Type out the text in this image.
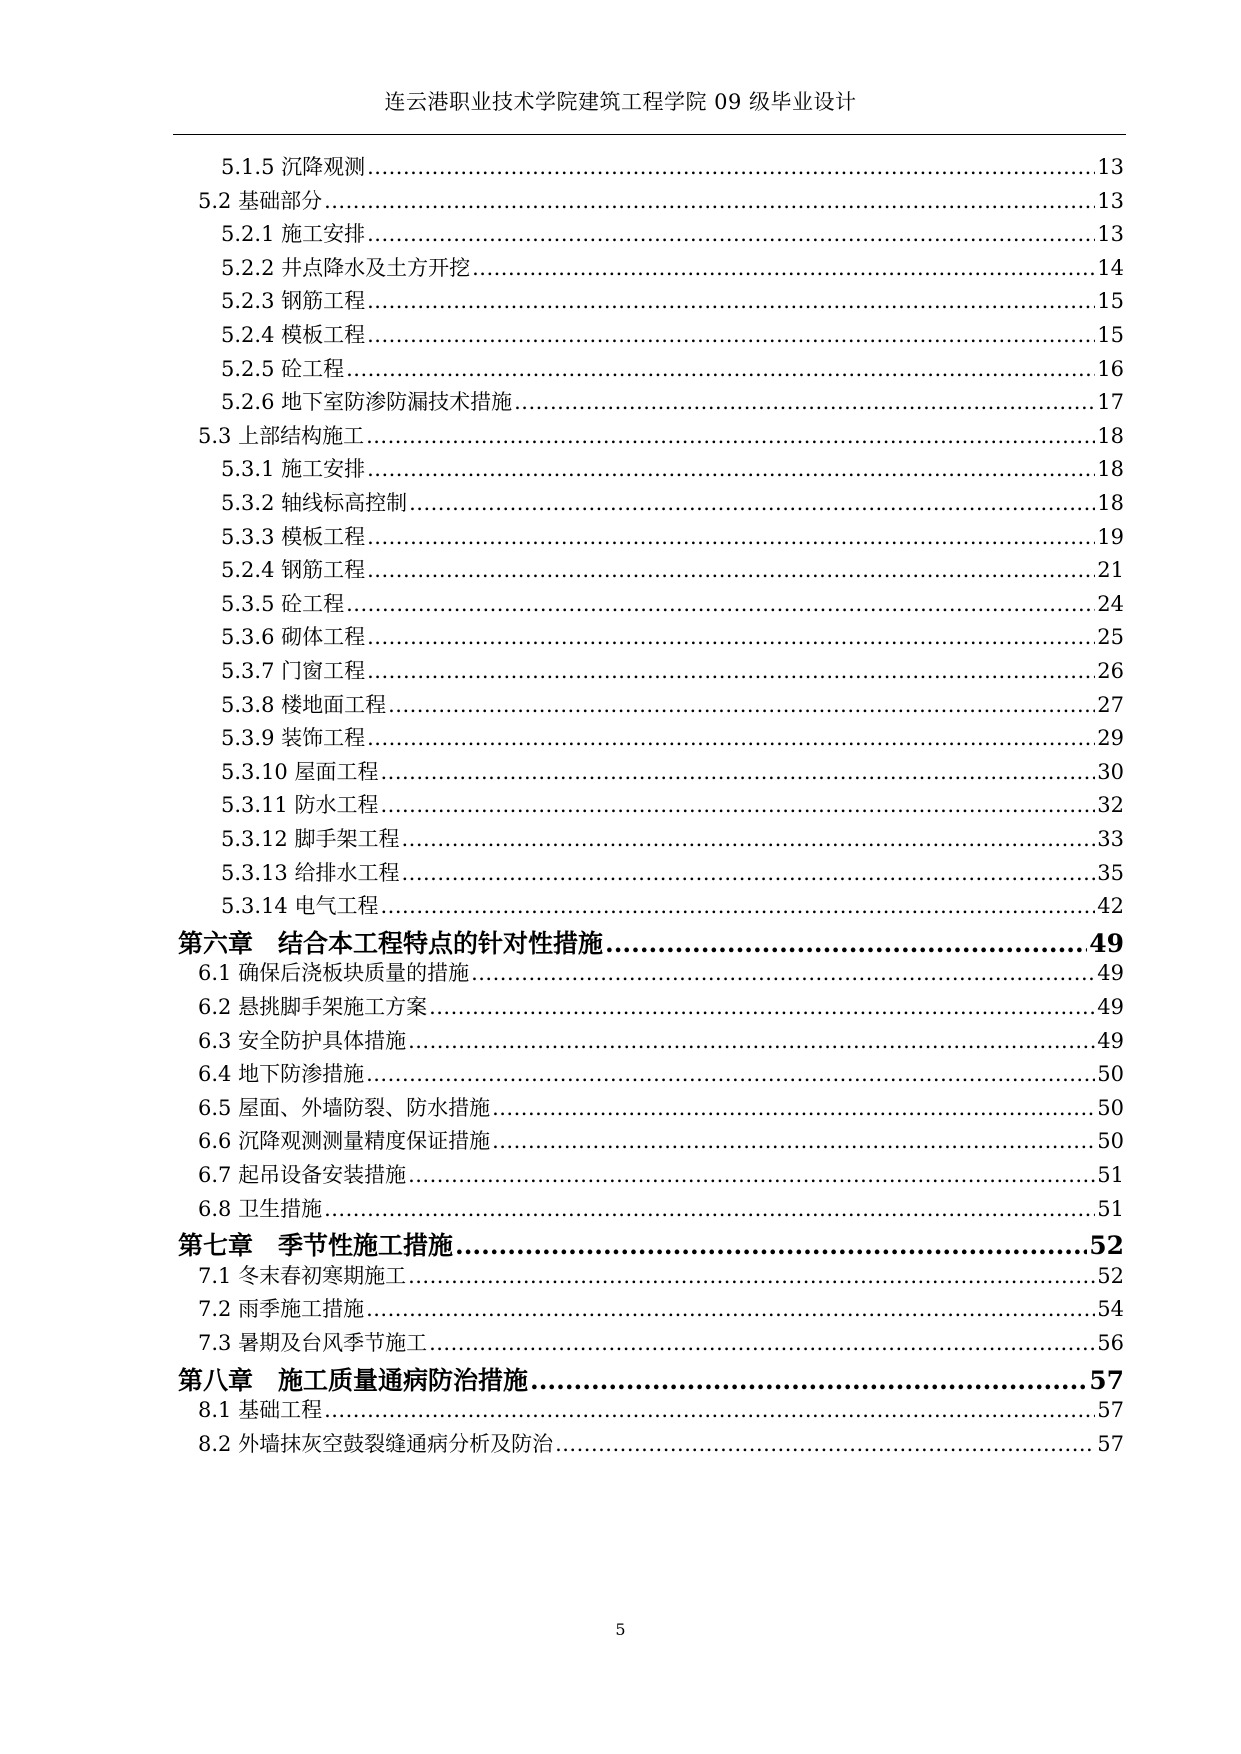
连云港职业技术学院建筑工程学院 09 级毕业设计
5.1.5 沉降观测 .....	13
5.2 基础部分 .....	13
5.2.1 施工安排 .....	13
5.2.2 井点降水及土方开挖 .....	14
5.2.3 钢筋工程 .....	15
5.2.4 模板工程 .....	15
5.2.5 砼工程 .....	16
5.2.6 地下室防渗防漏技术措施 .....	17
5.3 上部结构施工 .....	18
5.3.1 施工安排 .....	18
5.3.2 轴线标高控制 .....	18
5.3.3 模板工程 .....	19
5.2.4 钢筋工程 .....	21
5.3.5 砼工程 .....	24
5.3.6 砌体工程 .....	25
5.3.7 门窗工程 .....	26
5.3.8 楼地面工程 .....	27
5.3.9 装饰工程 .....	29
5.3.10 屋面工程 .....	30
5.3.11 防水工程 .....	32
5.3.12 脚手架工程 .....	33
5.3.13 给排水工程 .....	35
5.3.14 电气工程 .....	42
第六章　结合本工程特点的针对性措施 .....	49
6.1 确保后浇板块质量的措施 .....	49
6.2 悬挑脚手架施工方案 .....	49
6.3 安全防护具体措施 .....	49
6.4 地下防渗措施 .....	50
6.5 屋面、外墙防裂、防水措施 .....	50
6.6 沉降观测测量精度保证措施 .....	50
6.7 起吊设备安装措施 .....	51
6.8 卫生措施 .....	51
第七章　季节性施工措施 .....	52
7.1 冬末春初寒期施工 .....	52
7.2 雨季施工措施 .....	54
7.3 暑期及台风季节施工 .....	56
第八章　施工质量通病防治措施 .....	57
8.1 基础工程 .....	57
8.2 外墙抹灰空鼓裂缝通病分析及防治 .....	57
5
